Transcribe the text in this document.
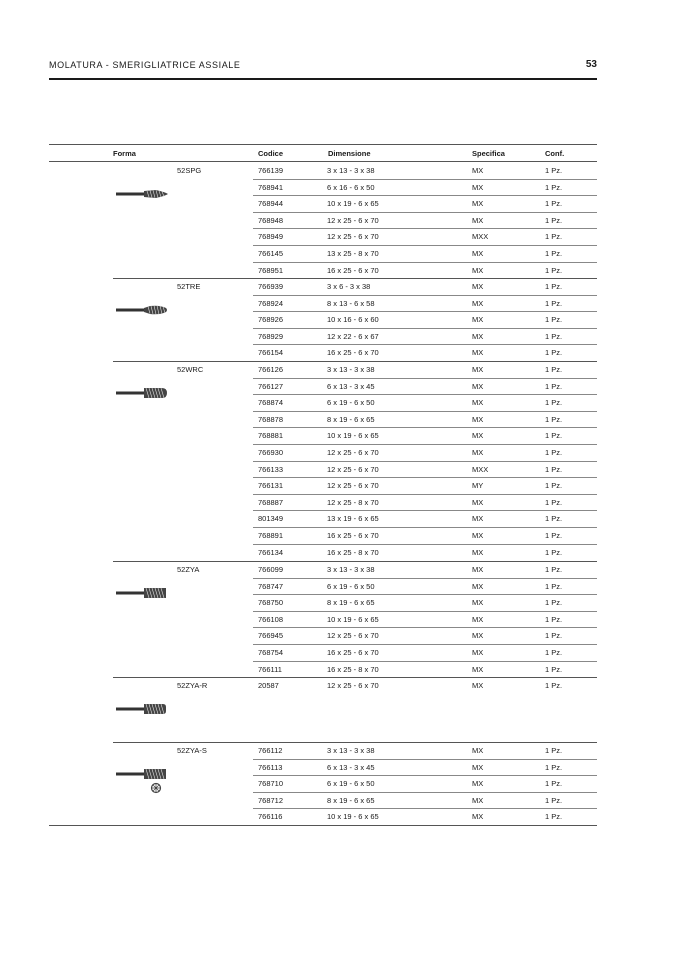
MOLATURA - SMERIGLIATRICE ASSIALE	53
Forma	Codice	Dimensione	Specifica	Conf.
52SPG	766139	3 x 13 - 3 x 38	MX	1 Pz.
768941	6 x 16 - 6 x 50	MX	1 Pz.
768944	10 x 19 - 6 x 65	MX	1 Pz.
768948	12 x 25 - 6 x 70	MX	1 Pz.
768949	12 x 25 - 6 x 70	MXX	1 Pz.
766145	13 x 25 - 8 x 70	MX	1 Pz.
768951	16 x 25 - 6 x 70	MX	1 Pz.
52TRE	766939	3 x 6 - 3 x 38	MX	1 Pz.
768924	8 x 13 - 6 x 58	MX	1 Pz.
768926	10 x 16 - 6 x 60	MX	1 Pz.
768929	12 x 22 - 6 x 67	MX	1 Pz.
766154	16 x 25 - 6 x 70	MX	1 Pz.
52WRC	766126	3 x 13 - 3 x 38	MX	1 Pz.
766127	6 x 13 - 3 x 45	MX	1 Pz.
768874	6 x 19 - 6 x 50	MX	1 Pz.
768878	8 x 19 - 6 x 65	MX	1 Pz.
768881	10 x 19 - 6 x 65	MX	1 Pz.
766930	12 x 25 - 6 x 70	MX	1 Pz.
766133	12 x 25 - 6 x 70	MXX	1 Pz.
766131	12 x 25 - 6 x 70	MY	1 Pz.
768887	12 x 25 - 8 x 70	MX	1 Pz.
801349	13 x 19 - 6 x 65	MX	1 Pz.
768891	16 x 25 - 6 x 70	MX	1 Pz.
766134	16 x 25 - 8 x 70	MX	1 Pz.
52ZYA	766099	3 x 13 - 3 x 38	MX	1 Pz.
768747	6 x 19 - 6 x 50	MX	1 Pz.
768750	8 x 19 - 6 x 65	MX	1 Pz.
766108	10 x 19 - 6 x 65	MX	1 Pz.
766945	12 x 25 - 6 x 70	MX	1 Pz.
768754	16 x 25 - 6 x 70	MX	1 Pz.
766111	16 x 25 - 8 x 70	MX	1 Pz.
52ZYA-R	20587	12 x 25 - 6 x 70	MX	1 Pz.
52ZYA-S	766112	3 x 13 - 3 x 38	MX	1 Pz.
766113	6 x 13 - 3 x 45	MX	1 Pz.
768710	6 x 19 - 6 x 50	MX	1 Pz.
768712	8 x 19 - 6 x 65	MX	1 Pz.
766116	10 x 19 - 6 x 65	MX	1 Pz.
